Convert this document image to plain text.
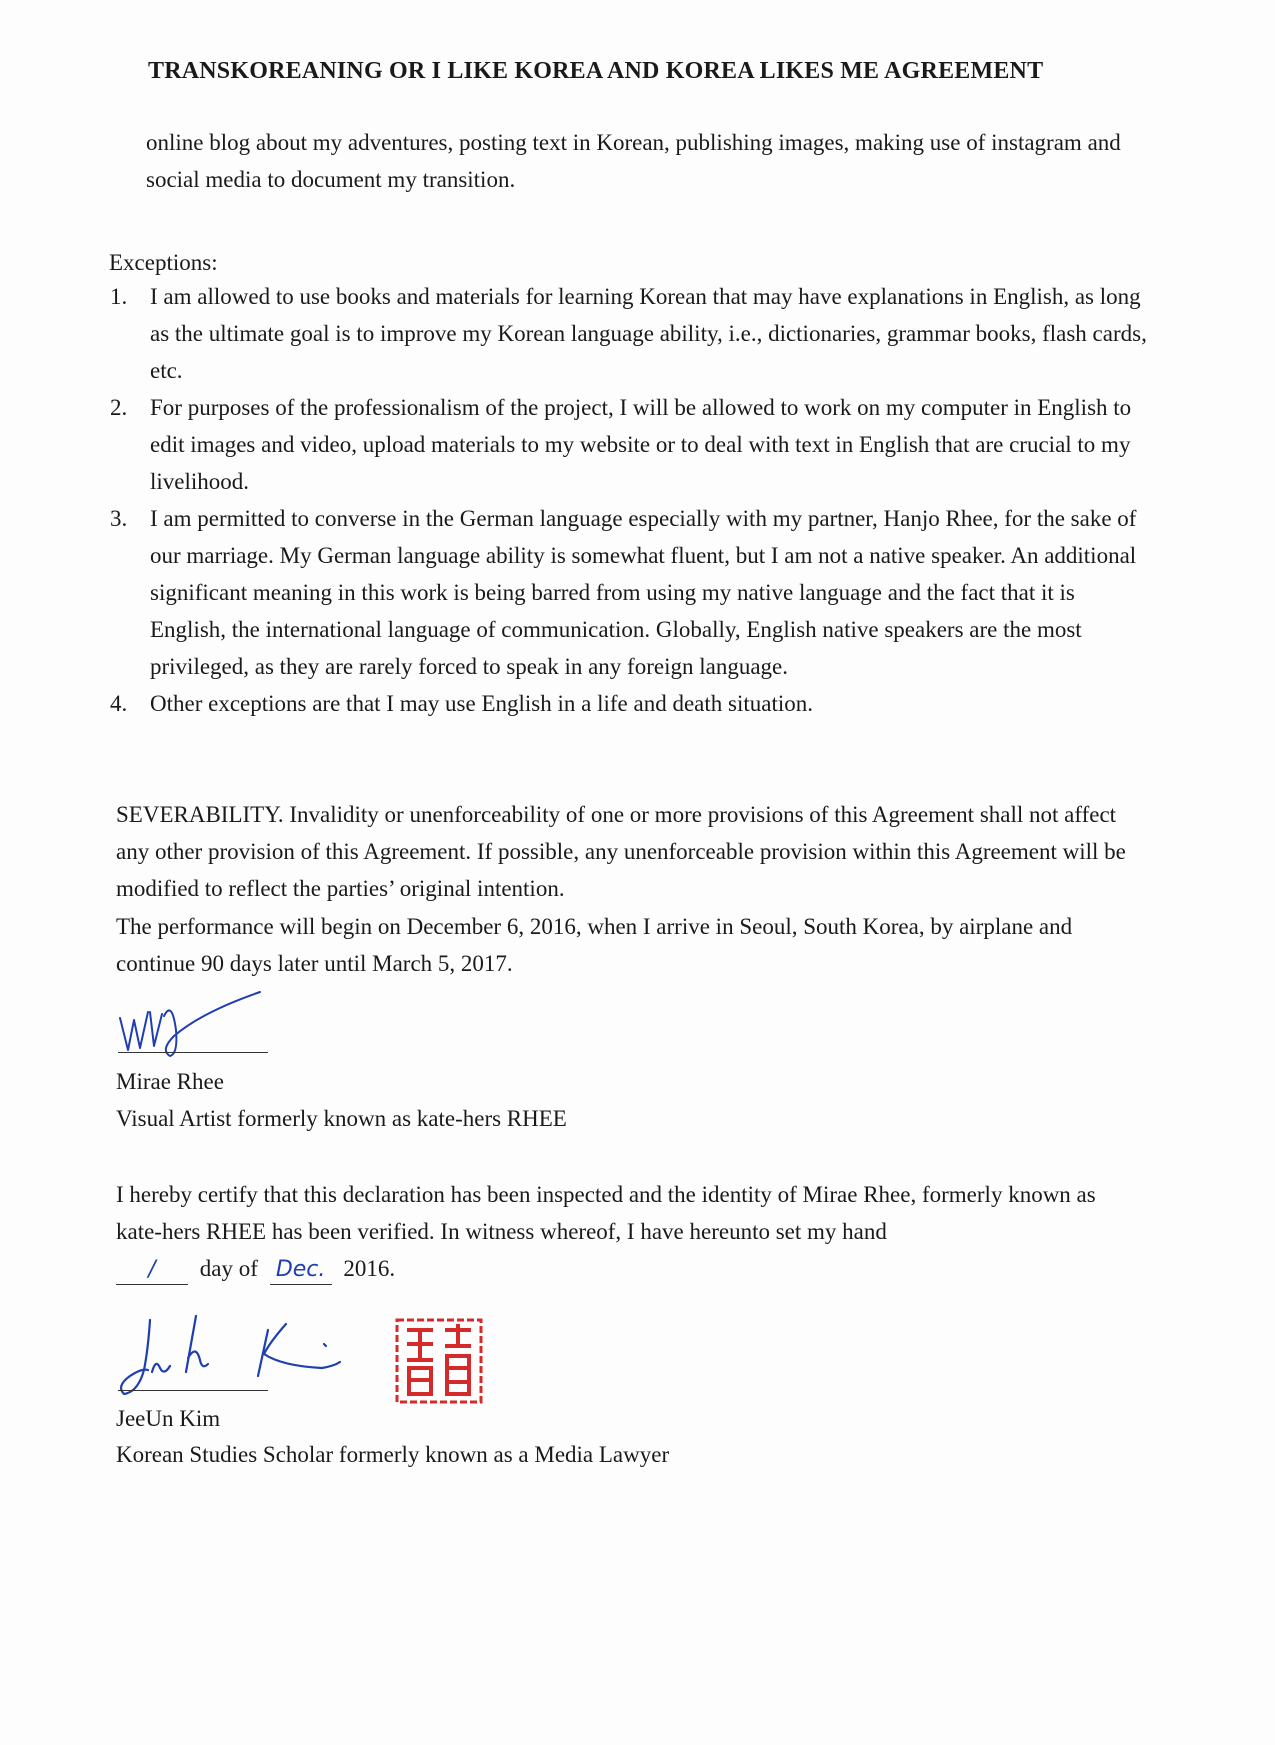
TRANSKOREANING OR I LIKE KOREA AND KOREA LIKES ME AGREEMENT
online blog about my adventures, posting text in Korean, publishing images, making use of instagram and social media to document my transition.
Exceptions:
1. I am allowed to use books and materials for learning Korean that may have explanations in English, as long as the ultimate goal is to improve my Korean language ability, i.e., dictionaries, grammar books, flash cards, etc.
2. For purposes of the professionalism of the project, I will be allowed to work on my computer in English to edit images and video, upload materials to my website or to deal with text in English that are crucial to my livelihood.
3. I am permitted to converse in the German language especially with my partner, Hanjo Rhee, for the sake of our marriage. My German language ability is somewhat fluent, but I am not a native speaker. An additional significant meaning in this work is being barred from using my native language and the fact that it is English, the international language of communication. Globally, English native speakers are the most privileged, as they are rarely forced to speak in any foreign language.
4. Other exceptions are that I may use English in a life and death situation.
SEVERABILITY. Invalidity or unenforceability of one or more provisions of this Agreement shall not affect any other provision of this Agreement. If possible, any unenforceable provision within this Agreement will be modified to reflect the parties’ original intention.
The performance will begin on December 6, 2016, when I arrive in Seoul, South Korea, by airplane and continue 90 days later until March 5, 2017.
Mirae Rhee
Visual Artist formerly known as kate-hers RHEE
I hereby certify that this declaration has been inspected and the identity of Mirae Rhee, formerly known as kate-hers RHEE has been verified. In witness whereof, I have hereunto set my hand
/ day of Dec. 2016.
JeeUn Kim
Korean Studies Scholar formerly known as a Media Lawyer
